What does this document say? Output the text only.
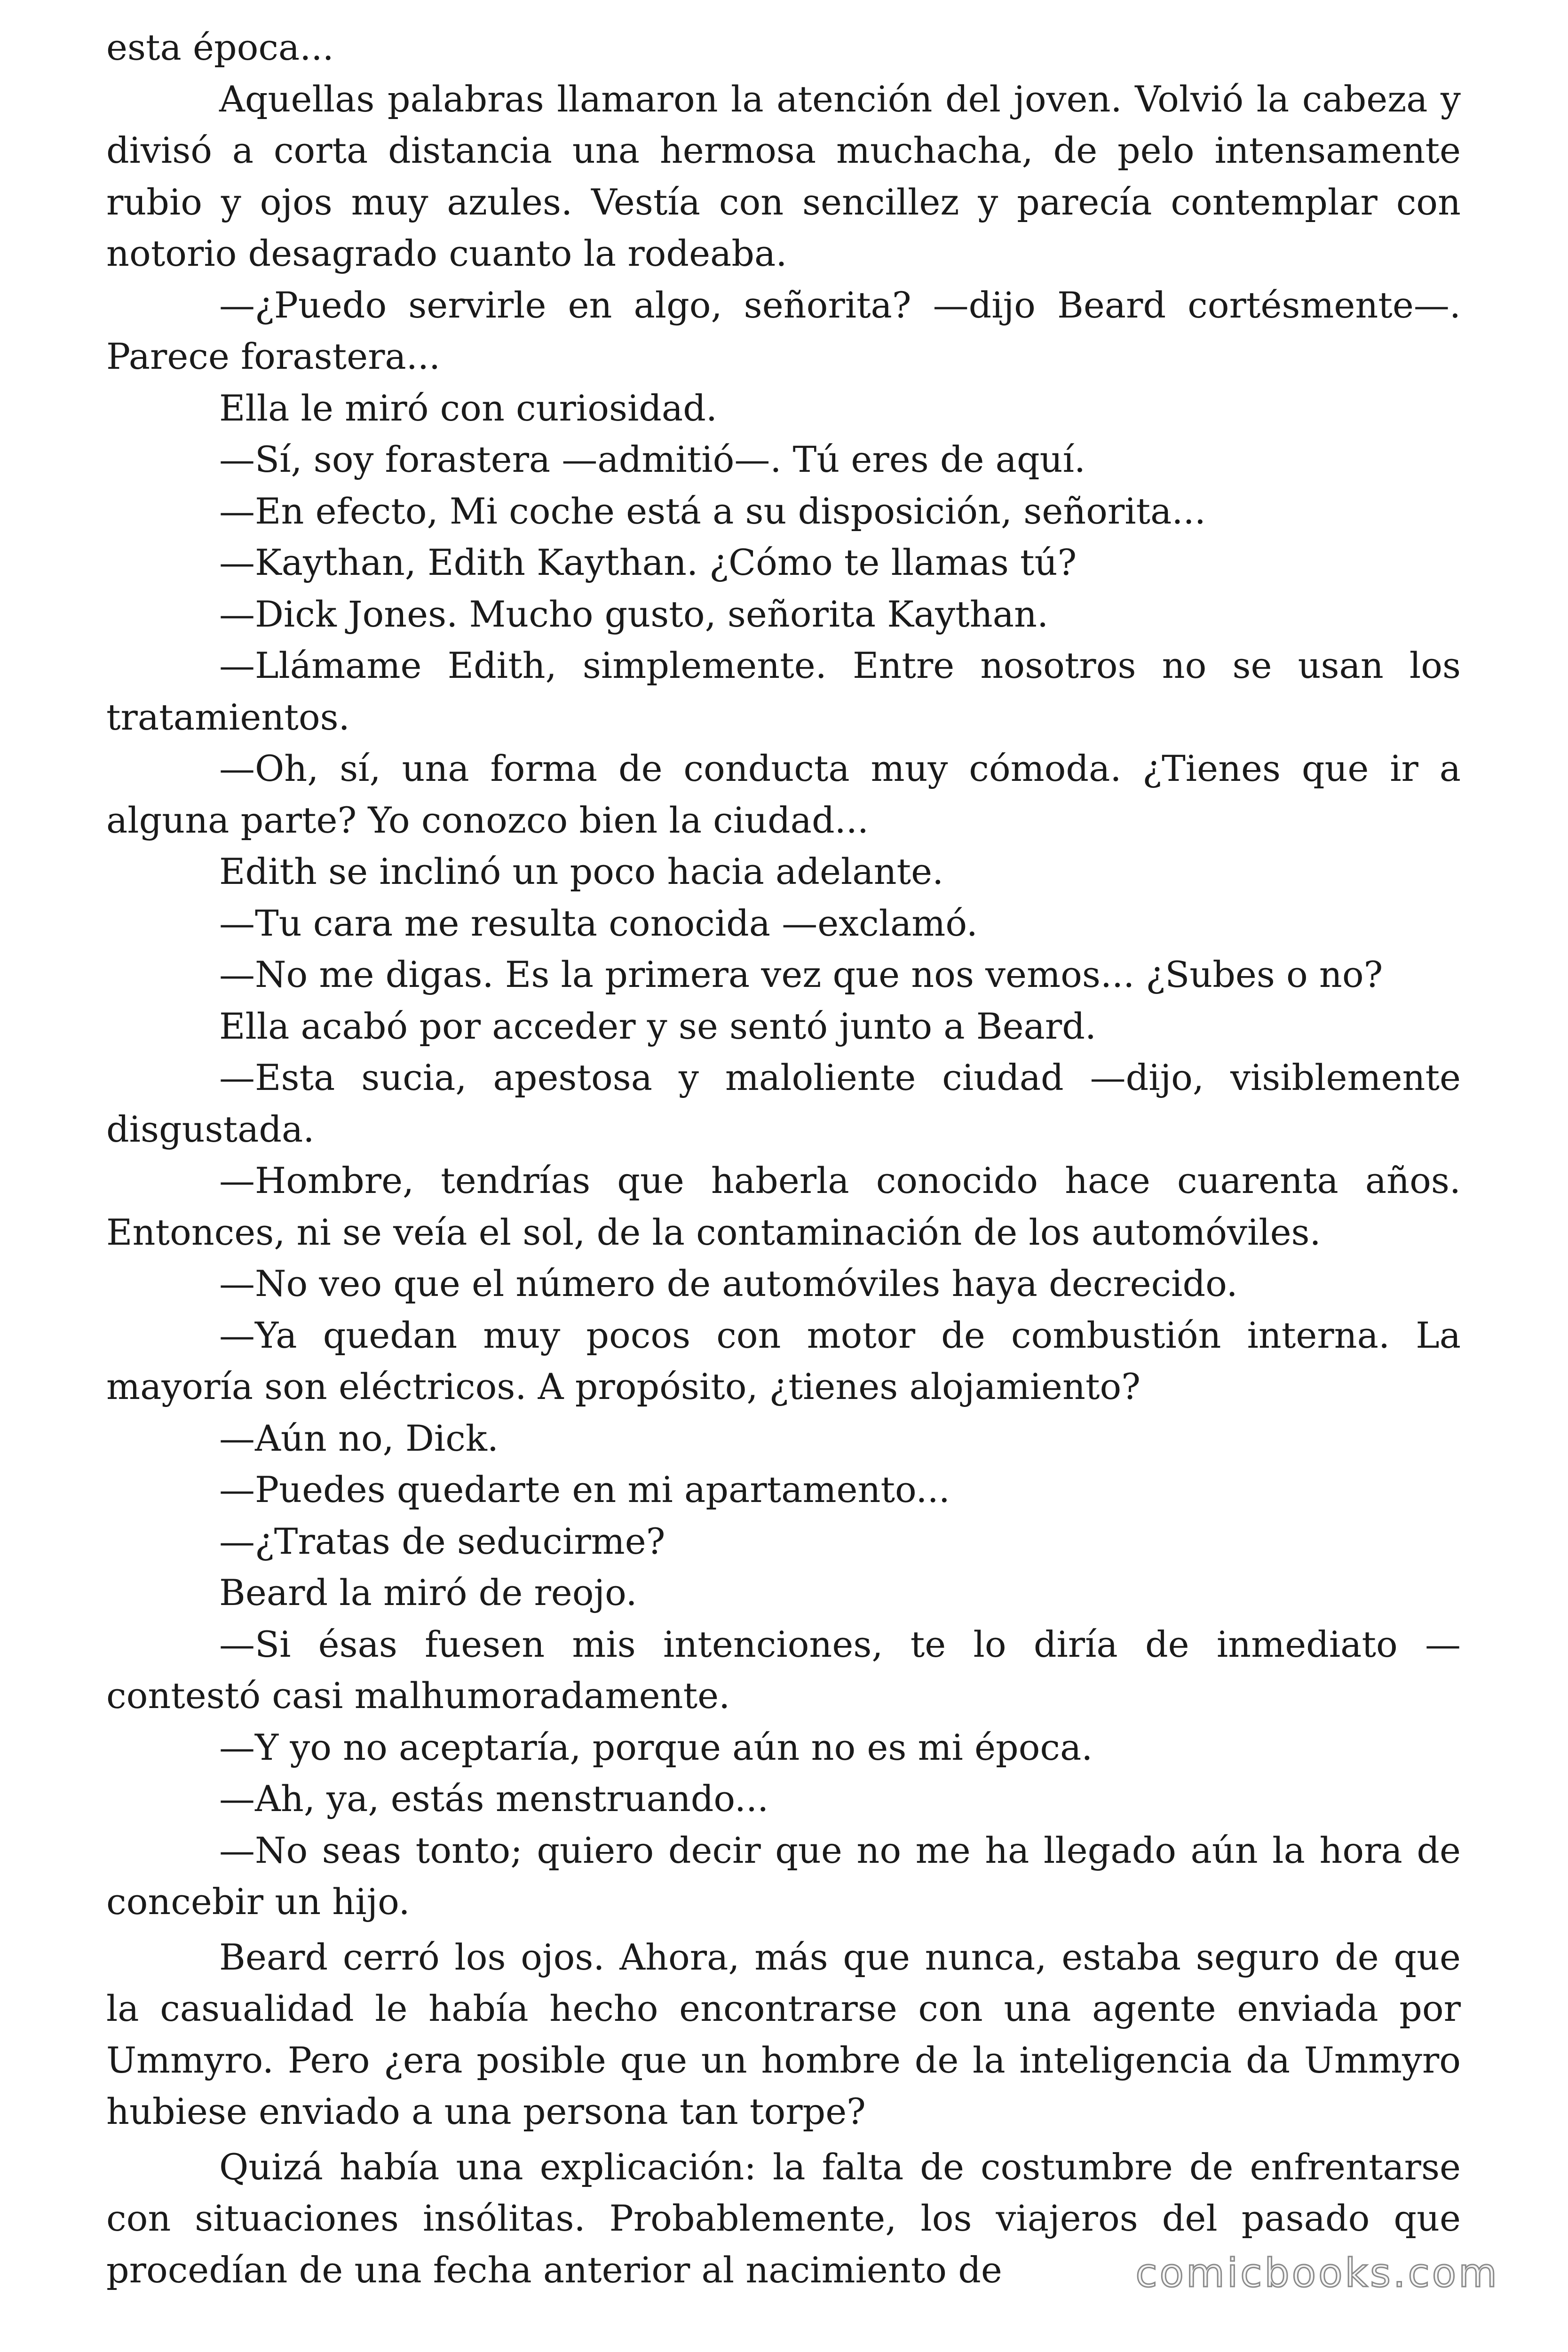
esta época...

Aquellas palabras llamaron la atención del joven. Volvió la cabeza y divisó a corta distancia una hermosa muchacha, de pelo intensamente rubio y ojos muy azules. Vestía con sencillez y parecía contemplar con notorio desagrado cuanto la rodeaba.

—¿Puedo servirle en algo, señorita? —dijo Beard cortésmente—. Parece forastera...

Ella le miró con curiosidad.

—Sí, soy forastera —admitió—. Tú eres de aquí.

—En efecto, Mi coche está a su disposición, señorita...

—Kaythan, Edith Kaythan. ¿Cómo te llamas tú?

—Dick Jones. Mucho gusto, señorita Kaythan.

—Llámame Edith, simplemente. Entre nosotros no se usan los tratamientos.

—Oh, sí, una forma de conducta muy cómoda. ¿Tienes que ir a alguna parte? Yo conozco bien la ciudad...

Edith se inclinó un poco hacia adelante.

—Tu cara me resulta conocida —exclamó.

—No me digas. Es la primera vez que nos vemos... ¿Subes o no?

Ella acabó por acceder y se sentó junto a Beard.

—Esta sucia, apestosa y maloliente ciudad —dijo, visiblemente disgustada.

—Hombre, tendrías que haberla conocido hace cuarenta años. Entonces, ni se veía el sol, de la contaminación de los automóviles.

—No veo que el número de automóviles haya decrecido.

—Ya quedan muy pocos con motor de combustión interna. La mayoría son eléctricos. A propósito, ¿tienes alojamiento?

—Aún no, Dick.

—Puedes quedarte en mi apartamento...

—¿Tratas de seducirme?

Beard la miró de reojo.

—Si ésas fuesen mis intenciones, te lo diría de inmediato — contestó casi malhumoradamente.

—Y yo no aceptaría, porque aún no es mi época.

—Ah, ya, estás menstruando...

—No seas tonto; quiero decir que no me ha llegado aún la hora de concebir un hijo.

Beard cerró los ojos. Ahora, más que nunca, estaba seguro de que la casualidad le había hecho encontrarse con una agente enviada por Ummyro. Pero ¿era posible que un hombre de la inteligencia da Ummyro hubiese enviado a una persona tan torpe?

Quizá había una explicación: la falta de costumbre de enfrentarse con situaciones insólitas. Probablemente, los viajeros del pasado que procedían de una fecha anterior al nacimiento de	comicbooks.com
